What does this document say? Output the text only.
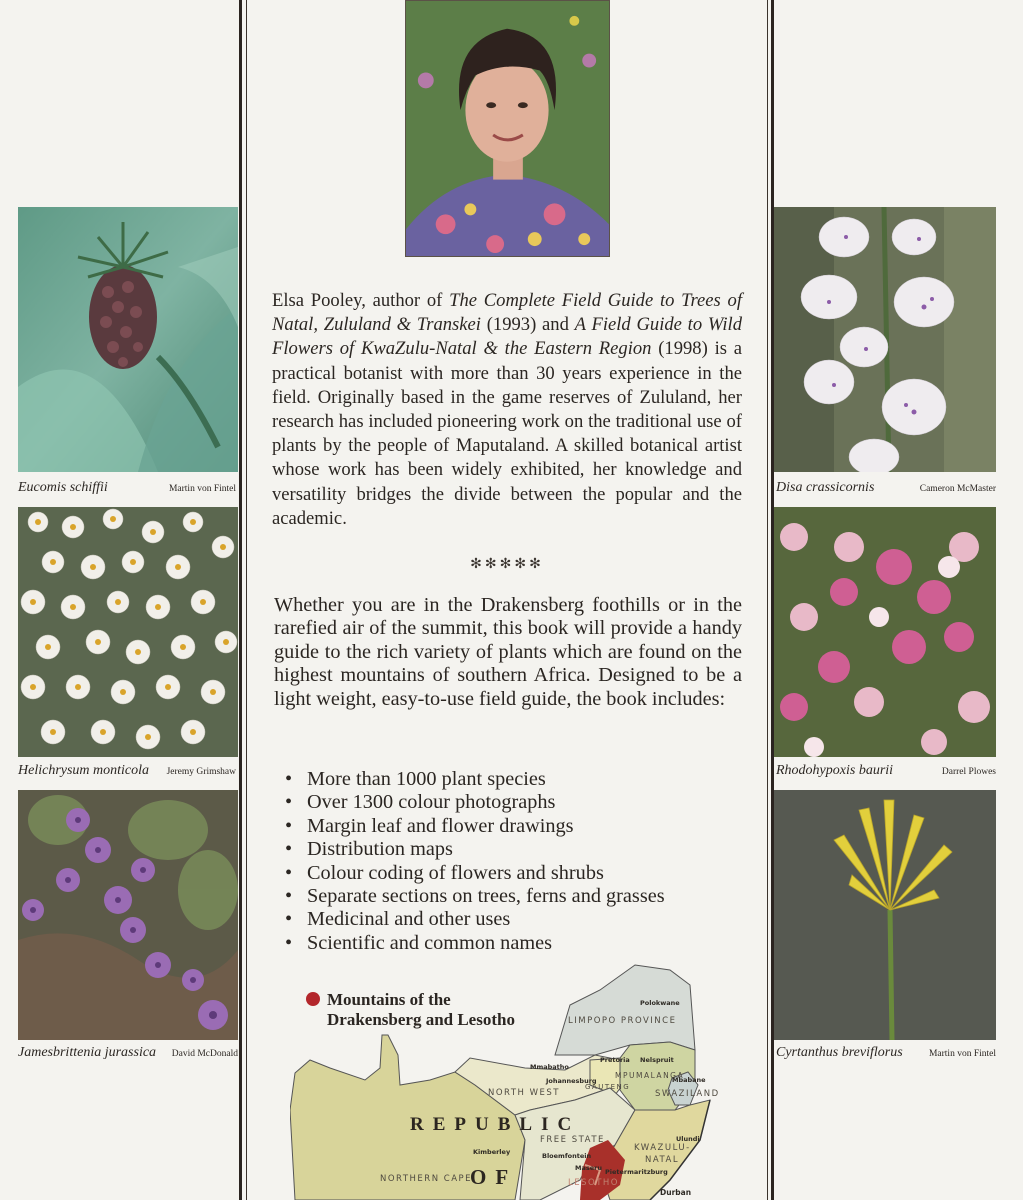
Eucomis schiffii	Martin von Fintel
Helichrysum monticola Jeremy Grimshaw
Jamesbrittenia jurassica David McDonald
Disa crassicornis	Cameron McMaster
Rhodohypoxis baurii	Darrel Plowes
Cyrtanthus breviflorus	Martin von Fintel

Elsa Pooley, author of The Complete Field Guide to Trees of Natal, Zululand & Transkei (1993) and A Field Guide to Wild Flowers of KwaZulu-Natal & the Eastern Region (1998) is a practical botanist with more than 30 years experience in the field. Originally based in the game reserves of Zululand, her research has included pioneering work on the traditional use of plants by the people of Maputaland. A skilled botanical artist whose work has been widely exhibited, her knowledge and versatility bridges the divide between the popular and the academic.

✻✻✻✻✻

Whether you are in the Drakensberg foothills or in the rarefied air of the summit, this book will provide a handy guide to the rich variety of plants which are found on the highest mountains of southern Africa. Designed to be a light weight, easy-to-use field guide, the book includes:

• More than 1000 plant species
• Over 1300 colour photographs
• Margin leaf and flower drawings
• Distribution maps
• Colour coding of flowers and shrubs
• Separate sections on trees, ferns and grasses
• Medicinal and other uses
• Scientific and common names
Mountains of the
Drakensberg and Lesotho	LIMPOPO PROVINCE
NORTH WEST
GAUTENG
MPUMALANGA
SWAZILAND
FREE STATE
KWAZULU-
NATAL
NORTHERN CAPE
REPUBLIC
OF
Polokwane
Mmabatho
Pretoria
Johannesburg
Nelspruit
Mbabane
Kimberley	Bloemfontein
Ulundi
Maseru Pietermaritzburg
Durban
LESOTHO
